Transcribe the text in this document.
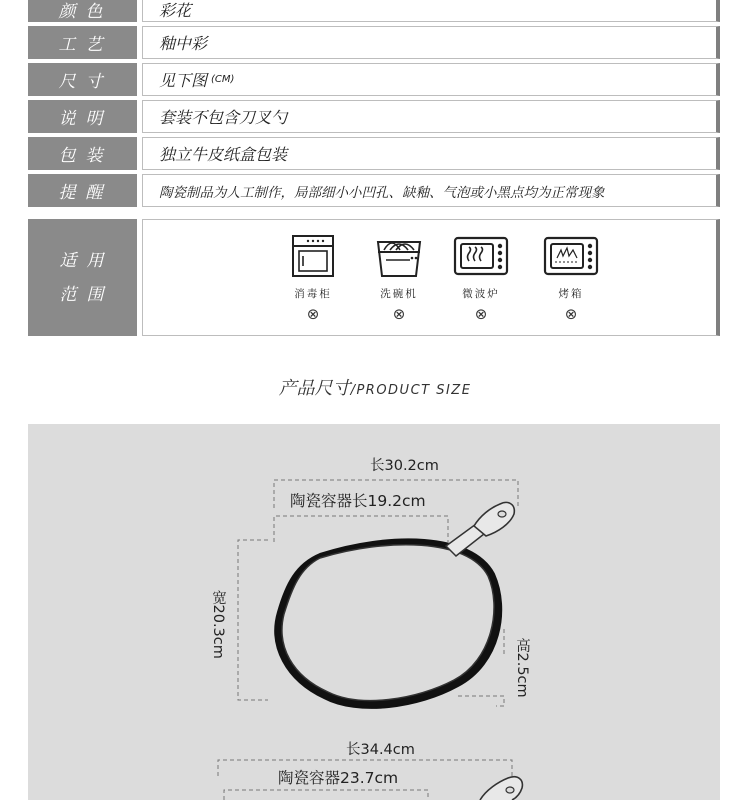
颜色	彩花
工艺	釉中彩
尺寸	见下图 (CM)
说明	套装不包含刀叉勺
包装	独立牛皮纸盒包装
提醒	陶瓷制品为人工制作，局部细小小凹孔、缺釉、气泡或小黑点均为正常现象
适用
范围	消毒柜
⊗
洗碗机
⊗
微波炉
⊗
烤箱
⊗
产品尺寸/PRODUCT SIZE
长30.2cm
陶瓷容器长19.2cm
宽20.3cm
高2.5cm
长34.4cm
陶瓷容器23.7cm
